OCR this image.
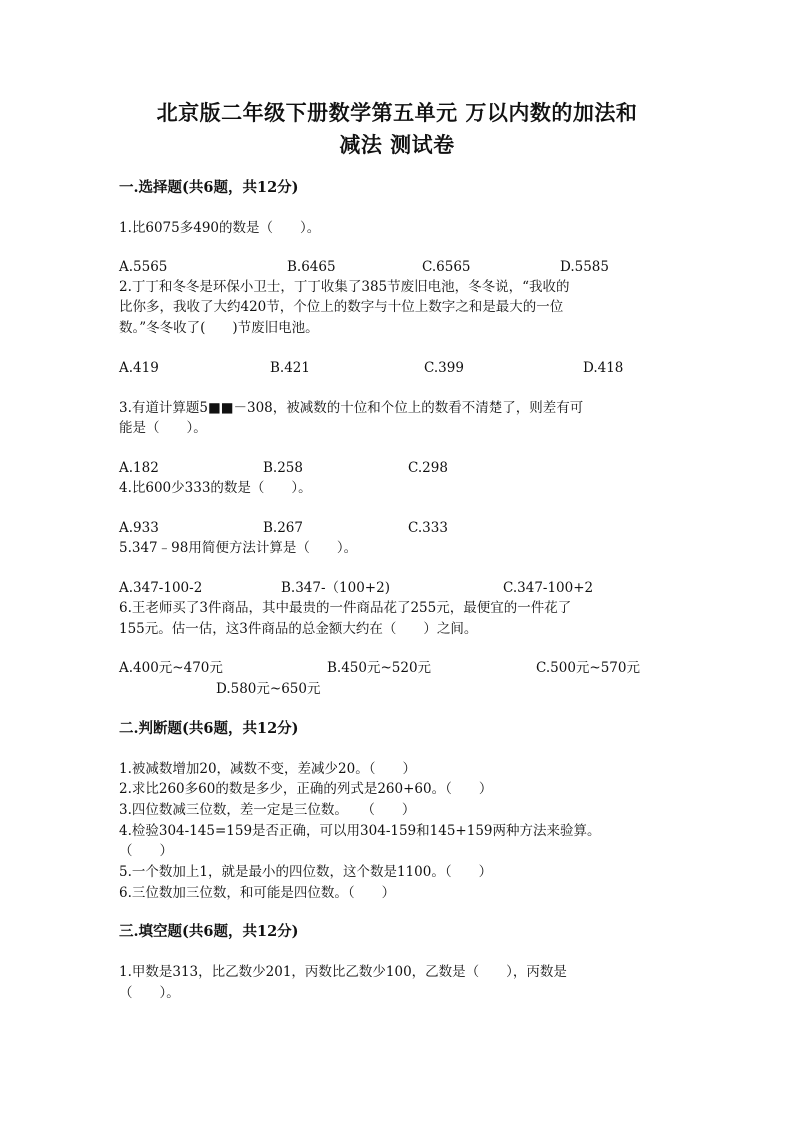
北京版二年级下册数学第五单元 万以内数的加法和
减法 测试卷
一.选择题(共6题，共12分)
1.比6075多490的数是（　　）。
A.5565	B.6465	C.6565	D.5585
2.丁丁和冬冬是环保小卫士，丁丁收集了385节废旧电池，冬冬说，“我收的
比你多，我收了大约420节，个位上的数字与十位上数字之和是最大的一位
数。”冬冬收了(　　)节废旧电池。
A.419	B.421	C.399	D.418
3.有道计算题5■■－308，被减数的十位和个位上的数看不清楚了，则差有可
能是（　　）。
A.182	B.258	C.298
4.比600少333的数是（　　）。
A.933	B.267	C.333
5.347﹣98用简便方法计算是（　　）。
A.347-100-2	B.347-（100+2)	C.347-100+2
6.王老师买了3件商品，其中最贵的一件商品花了255元，最便宜的一件花了
155元。估一估，这3件商品的总金额大约在（　　）之间。
A.400元~470元	B.450元~520元	C.500元~570元
D.580元~650元
二.判断题(共6题，共12分)
1.被减数增加20，减数不变，差减少20。（　　）
2.求比260多60的数是多少，正确的列式是260+60。（　　）
3.四位数减三位数，差一定是三位数。　　（　　）
4.检验304-145=159是否正确，可以用304-159和145+159两种方法来验算。
（　　）
5.一个数加上1，就是最小的四位数，这个数是1100。（　　）
6.三位数加三位数，和可能是四位数。（　　）
三.填空题(共6题，共12分)
1.甲数是313，比乙数少201，丙数比乙数少100，乙数是（　　），丙数是
（　　）。
